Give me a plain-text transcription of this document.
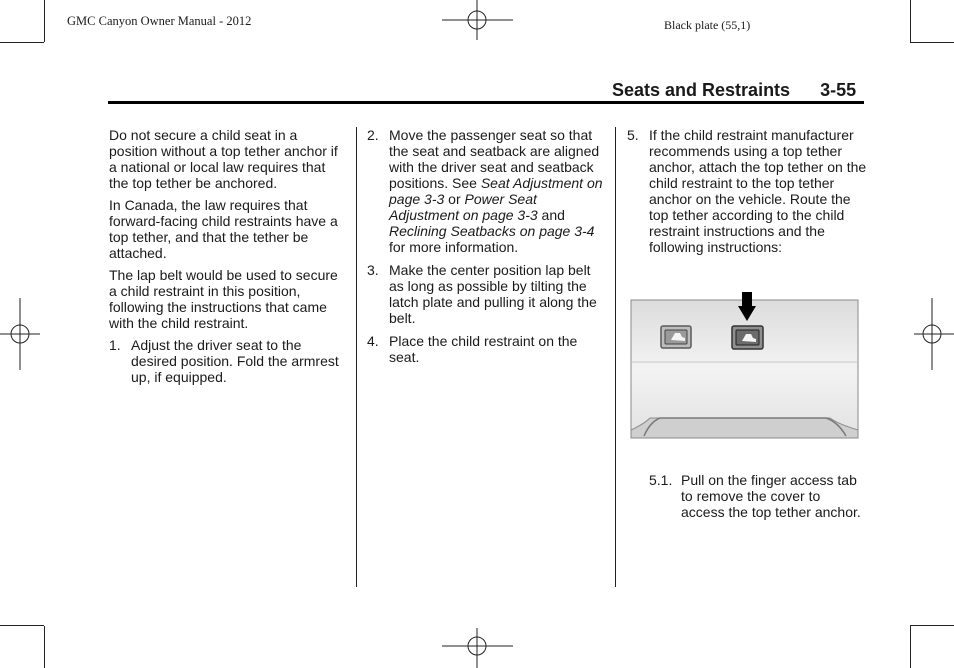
GMC Canyon Owner Manual - 2012	Black plate (55,1)
Seats and Restraints 3-55

Do not secure a child seat in a position without a top tether anchor if a national or local law requires that the top tether be anchored.

In Canada, the law requires that forward-facing child restraints have a top tether, and that the tether be attached.

The lap belt would be used to secure a child restraint in this position, following the instructions that came with the child restraint.

1. Adjust the driver seat to the desired position. Fold the armrest up, if equipped.
2. Move the passenger seat so that the seat and seatback are aligned with the driver seat and seatback positions. See Seat Adjustment on page 3-3 or Power Seat Adjustment on page 3-3 and Reclining Seatbacks on page 3-4 for more information.
3. Make the center position lap belt as long as possible by tilting the latch plate and pulling it along the belt.
4. Place the child restraint on the seat.
5. If the child restraint manufacturer recommends using a top tether anchor, attach the top tether on the child restraint to the top tether anchor on the vehicle. Route the top tether according to the child restraint instructions and the following instructions:
5.1. Pull on the finger access tab to remove the cover to access the top tether anchor.
